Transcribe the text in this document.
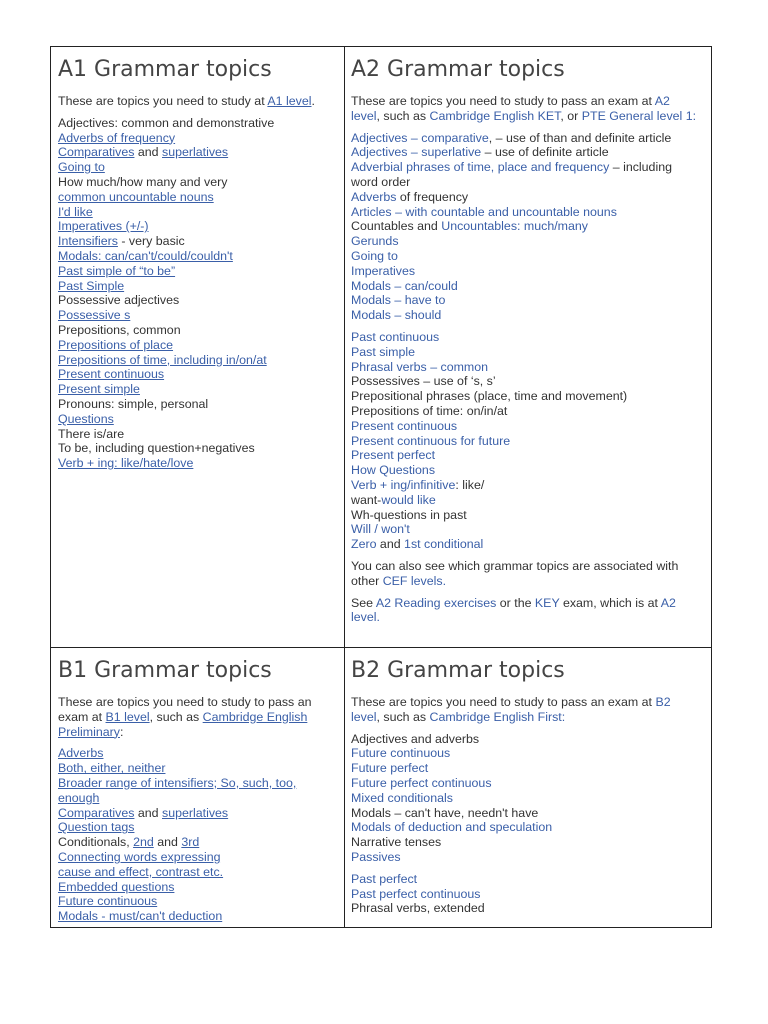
A1 Grammar topics

These are topics you need to study at A1 level.

Adjectives: common and demonstrative

Adverbs of frequency

Comparatives and superlatives

Going to

How much/how many and very

common uncountable nouns

I'd like

Imperatives (+/-)

Intensifiers - very basic

Modals: can/can't/could/couldn't

Past simple of “to be”

Past Simple

Possessive adjectives

Possessive s

Prepositions, common

Prepositions of place

Prepositions of time, including in/on/at

Present continuous

Present simple

Pronouns: simple, personal

Questions

There is/are

To be, including question+negatives

Verb + ing: like/hate/love

A2 Grammar topics

These are topics you need to study to pass an exam at A2

level, such as Cambridge English KET, or PTE General level 1:

Adjectives – comparative, – use of than and definite article

Adjectives – superlative – use of definite article

Adverbial phrases of time, place and frequency – including

word order

Adverbs of frequency

Articles – with countable and uncountable nouns

Countables and Uncountables: much/many

Gerunds

Going to

Imperatives

Modals – can/could

Modals – have to

Modals – should

Past continuous

Past simple

Phrasal verbs – common

Possessives – use of ‘s, s’

Prepositional phrases (place, time and movement)

Prepositions of time: on/in/at

Present continuous

Present continuous for future

Present perfect

How Questions

Verb + ing/infinitive: like/

want-would like

Wh-questions in past

Will / won't

Zero and 1st conditional

You can also see which grammar topics are associated with

other CEF levels.

See A2 Reading exercises or the KEY exam, which is at A2

level.

B1 Grammar topics

These are topics you need to study to pass an

exam at B1 level, such as Cambridge English

Preliminary:

Adverbs

Both, either, neither

Broader range of intensifiers; So, such, too,

enough

Comparatives and superlatives

Question tags

Conditionals, 2nd and 3rd

Connecting words expressing

cause and effect, contrast etc.

Embedded questions

Future continuous

Modals - must/can't deduction

B2 Grammar topics

These are topics you need to study to pass an exam at B2

level, such as Cambridge English First:

Adjectives and adverbs

Future continuous

Future perfect

Future perfect continuous

Mixed conditionals

Modals – can't have, needn't have

Modals of deduction and speculation

Narrative tenses

Passives

Past perfect

Past perfect continuous

Phrasal verbs, extended
